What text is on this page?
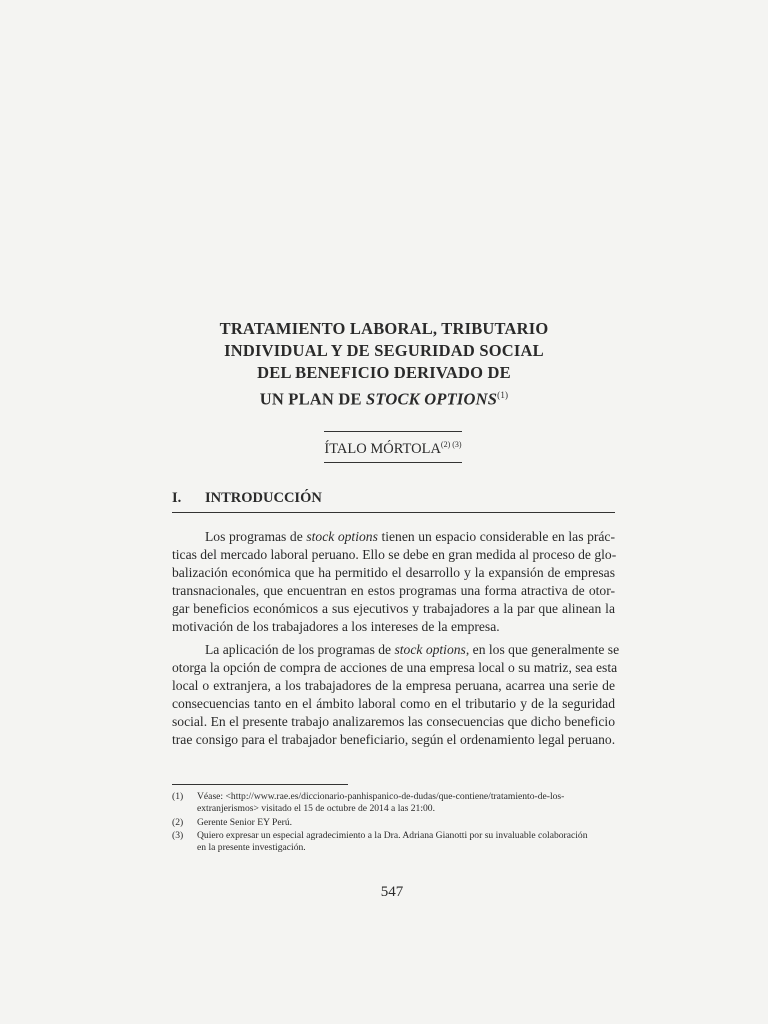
TRATAMIENTO LABORAL, TRIBUTARIO
INDIVIDUAL Y DE SEGURIDAD SOCIAL
DEL BENEFICIO DERIVADO DE
UN PLAN DE STOCK OPTIONS$^{(1)}$
ÍTALO $MÓRTOLA^{(2) (3)}$
I. INTRODUCCIÓN
Los programas de stock options tienen un espacio considerable en las prác-
ticas del mercado laboral peruano. Ello se debe en gran medida al proceso de glo-
balización económica que ha permitido el desarrollo y la expansión de empresas
transnacionales, que encuentran en estos programas una forma atractiva de otor-
gar beneficios económicos a sus ejecutivos y trabajadores a la par que alinean la
motivación de los trabajadores a los intereses de la empresa.
La aplicación de los programas de stock options, en los que generalmente se
otorga la opción de compra de acciones de una empresa local o su matriz, sea esta
local o extranjera, a los trabajadores de la empresa peruana, acarrea una serie de
consecuencias tanto en el ámbito laboral como en el tributario y de la seguridad
social. En el presente trabajo analizaremos las consecuencias que dicho beneficio
trae consigo para el trabajador beneficiario, según el ordenamiento legal peruano.
(1) Véase: <http://www.rae.es/diccionario-panhispanico-de-dudas/que-contiene/tratamiento-de-los-
extranjerismos> visitado el 15 de octubre de 2014 a las 21:00.
(2) Gerente Senior EY Perú.
(3) Quiero expresar un especial agradecimiento a la Dra. Adriana Gianotti por su invaluable colaboración
en la presente investigación.
547
